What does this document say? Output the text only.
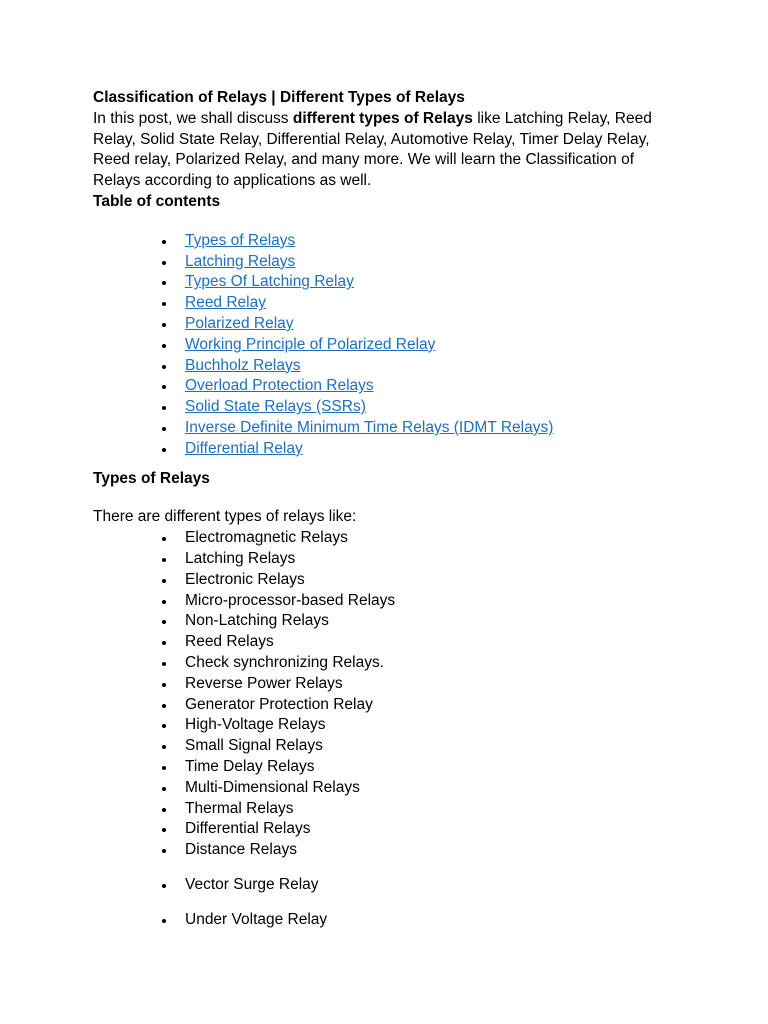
Classification of Relays | Different Types of Relays

In this post, we shall discuss different types of Relays like Latching Relay, Reed Relay, Solid State Relay, Differential Relay, Automotive Relay, Timer Delay Relay, Reed relay, Polarized Relay, and many more. We will learn the Classification of Relays according to applications as well.

Table of contents

Types of Relays
Latching Relays
Types Of Latching Relay
Reed Relay
Polarized Relay
Working Principle of Polarized Relay
Buchholz Relays
Overload Protection Relays
Solid State Relays (SSRs)
Inverse Definite Minimum Time Relays (IDMT Relays)
Differential Relay

Types of Relays

There are different types of relays like:

Electromagnetic Relays
Latching Relays
Electronic Relays
Micro-processor-based Relays
Non-Latching Relays
Reed Relays
Check synchronizing Relays.
Reverse Power Relays
Generator Protection Relay
High-Voltage Relays
Small Signal Relays
Time Delay Relays
Multi-Dimensional Relays
Thermal Relays
Differential Relays
Distance Relays
Vector Surge Relay
Under Voltage Relay
